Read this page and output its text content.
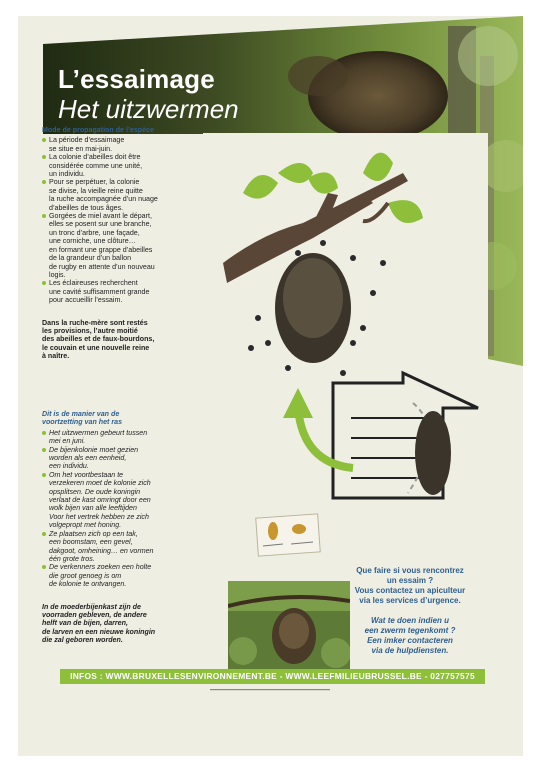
L’essaimage
Het uitzwermen
Mode de propagation de l’espèce
La période d’essaimage
se situe en mai-juin.
La colonie d’abeilles doit être
considérée comme une unité,
un individu.
Pour se perpétuer, la colonie
se divise, la vieille reine quitte
la ruche accompagnée d’un nuage
d’abeilles de tous âges.
Gorgées de miel avant le départ,
elles se posent sur une branche,
un tronc d’arbre, une façade,
une corniche, une clôture…
en formant une grappe d’abeilles
de la grandeur d’un ballon
de rugby en attente d’un nouveau
logis.
Les éclaireuses recherchent
une cavité suffisamment grande
pour accueillir l’essaim.
Dans la ruche-mère sont restés
les provisions, l’autre moitié
des abeilles et de faux-bourdons,
le couvain et une nouvelle reine
à naître.
Dit is de manier van de
voortzetting van het ras
Het uitzwermen gebeurt tussen
mei en juni.
De bijenkolonie moet gezien
worden als een eenheid,
een individu.
Om het voortbestaan te
verzekeren moet de kolonie zich
opsplitsen. De oude koningin
verlaat de kast omringt door een
wolk bijen van alle leeftijden
Voor het vertrek hebben ze zich
volgepropt met honing.
Ze plaatsen zich op een tak,
een boomstam, een gevel,
dakgoot, omheining… en vormen
één grote tros.
De verkenners zoeken een holte
die groot genoeg is om
de kolonie te ontvangen.
In de moederbijenkast zijn de
voorraden gebleven, de andere
helft van de bijen, darren,
de larven en een nieuwe koningin
die zal geboren worden.
Que faire si vous rencontrez
un essaim ?
Vous contactez un apiculteur
via les services d’urgence.
Wat te doen indien u
een zwerm tegenkomt ?
Een imker contacteren
via de hulpdiensten.
INFOS : WWW.BRUXELLESENVIRONNEMENT.BE - WWW.LEEFMILIEUBRUSSEL.BE - 027757575
